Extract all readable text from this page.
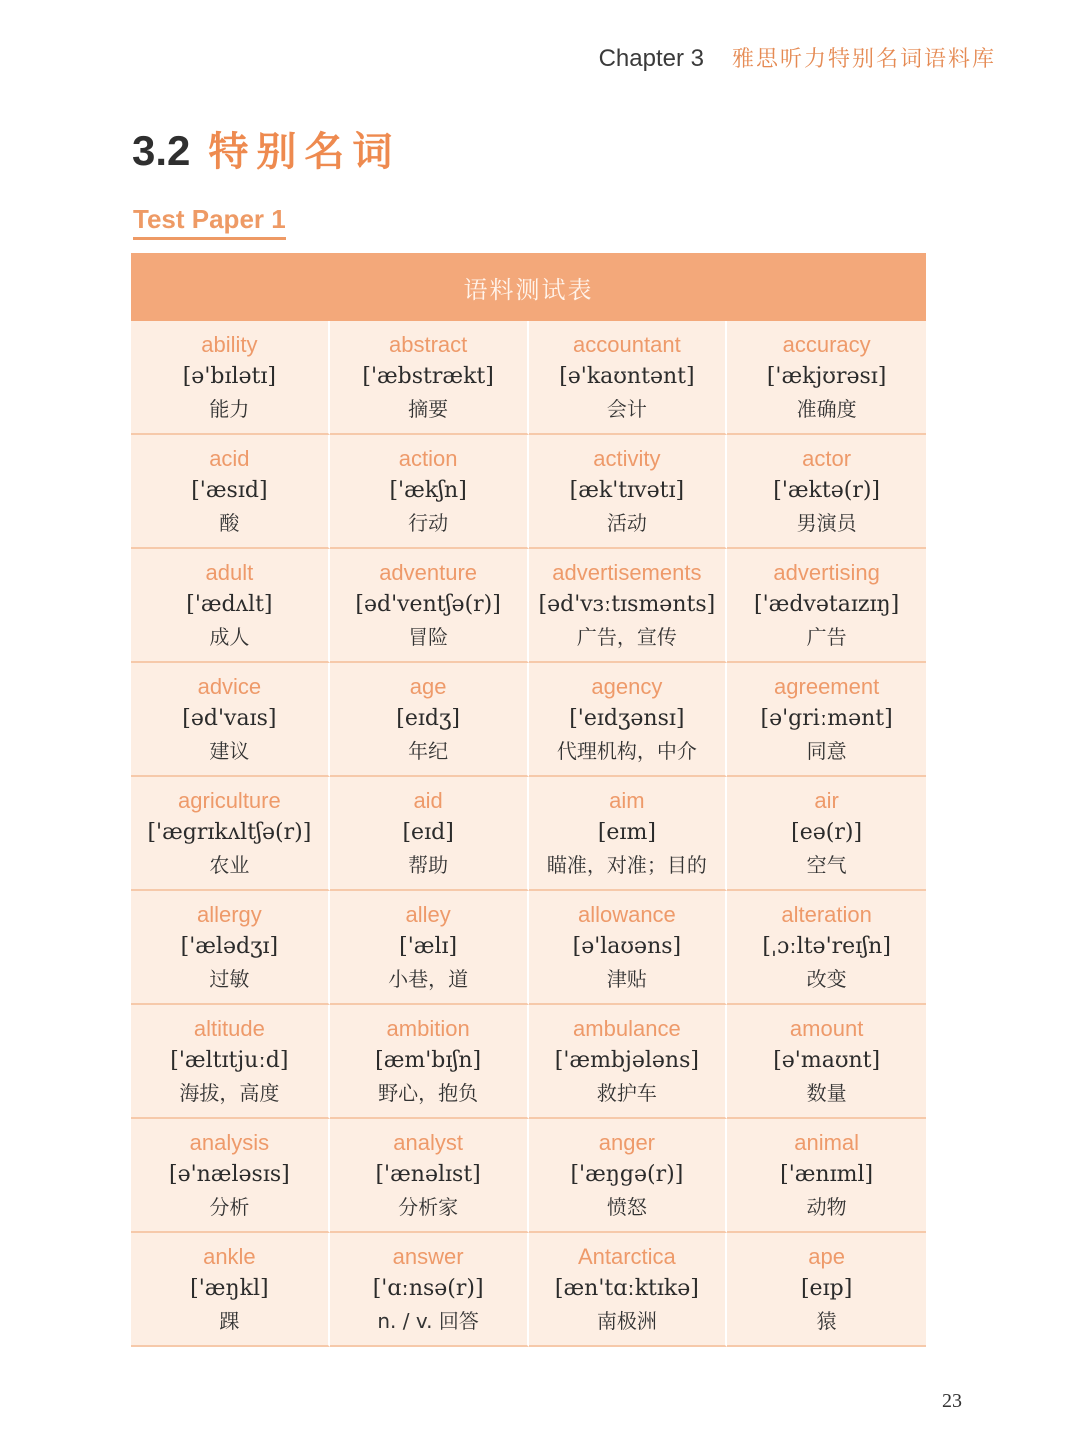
Chapter 3 雅思听力特别名词语料库
3.2 特别名词
Test Paper 1
语料测试表
ability
[ə'bɪlətɪ]
能力
abstract
['æbstrækt]
摘要
accountant
[ə'kaʊntənt]
会计
accuracy
['ækjʊrəsɪ]
准确度
acid
['æsɪd]
酸
action
['ækʃn]
行动
activity
[æk'tɪvətɪ]
活动
actor
['æktə(r)]
男演员
adult
['ædʌlt]
成人
adventure
[əd'ventʃə(r)]
冒险
advertisements
[əd'vɜːtɪsmənts]
广告，宣传
advertising
['ædvətaɪzɪŋ]
广告
advice
[əd'vaɪs]
建议
age
[eɪdʒ]
年纪
agency
['eɪdʒənsɪ]
代理机构，中介
agreement
[ə'griːmənt]
同意
agriculture
['ægrɪkʌltʃə(r)]
农业
aid
[eɪd]
帮助
aim
[eɪm]
瞄准，对准；目的
air
[eə(r)]
空气
allergy
['ælədʒɪ]
过敏
alley
['ælɪ]
小巷，道
allowance
[ə'laʊəns]
津贴
alteration
[ˌɔːltə'reɪʃn]
改变
altitude
['æltɪtjuːd]
海拔，高度
ambition
[æm'bɪʃn]
野心，抱负
ambulance
['æmbjələns]
救护车
amount
[ə'maʊnt]
数量
analysis
[ə'næləsɪs]
分析
analyst
['ænəlɪst]
分析家
anger
['æŋgə(r)]
愤怒
animal
['ænɪml]
动物
ankle
['æŋkl]
踝
answer
['ɑːnsə(r)]
n. / v. 回答
Antarctica
[æn'tɑːktɪkə]
南极洲
ape
[eɪp]
猿
23
